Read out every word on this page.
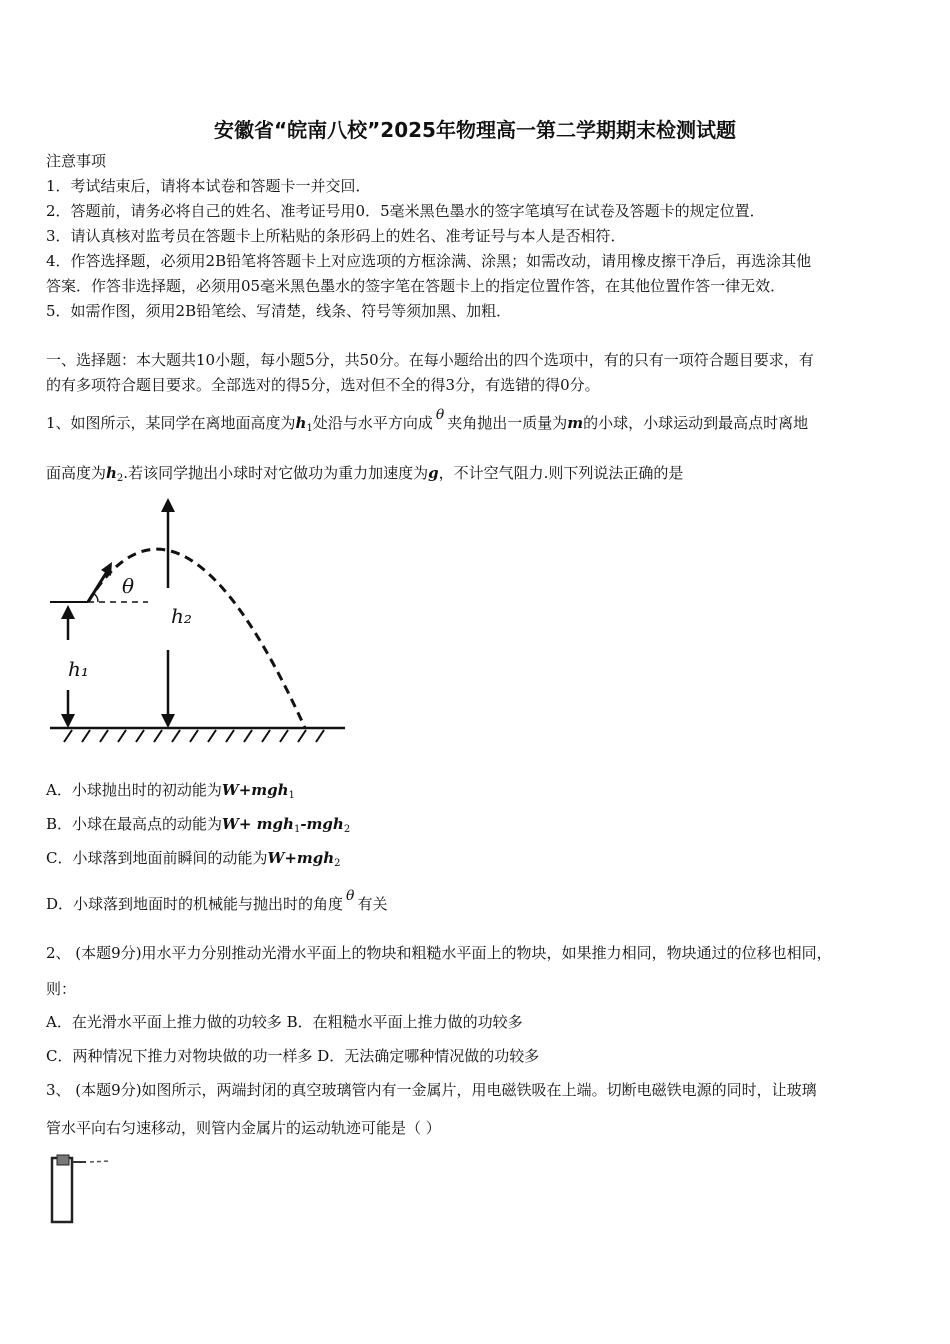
安徽省“皖南八校”2025年物理高一第二学期期末检测试题
注意事项
1．考试结束后，请将本试卷和答题卡一并交回．
2．答题前，请务必将自己的姓名、准考证号用0．5毫米黑色墨水的签字笔填写在试卷及答题卡的规定位置．
3．请认真核对监考员在答题卡上所粘贴的条形码上的姓名、准考证号与本人是否相符．
4．作答选择题，必须用2B铅笔将答题卡上对应选项的方框涂满、涂黑；如需改动，请用橡皮擦干净后，再选涂其他
答案．作答非选择题，必须用05毫米黑色墨水的签字笔在答题卡上的指定位置作答，在其他位置作答一律无效．
5．如需作图，须用2B铅笔绘、写清楚，线条、符号等须加黑、加粗．
一、选择题：本大题共10小题，每小题5分，共50分。在每小题给出的四个选项中，有的只有一项符合题目要求，有
的有多项符合题目要求。全部选对的得5分，选对但不全的得3分，有选错的得0分。
1、如图所示，某同学在离地面高度为$h_1$处沿与水平方向成 θ 夹角抛出一质量为m的小球，小球运动到最高点时离地
面高度为$h_2$.若该同学抛出小球时对它做功为重力加速度为g，不计空气阻力.则下列说法正确的是
θ
h₂
h₁
A．小球抛出时的初动能为W+mgh$_1$
B．小球在最高点的动能为W+ mgh$_1$-mgh$_2$
C．小球落到地面前瞬间的动能为W+mgh$_2$
D．小球落到地面时的机械能与抛出时的角度 θ 有关
2、 (本题9分)用水平力分别推动光滑水平面上的物块和粗糙水平面上的物块，如果推力相同，物块通过的位移也相同，
则：
A．在光滑水平面上推力做的功较多 B．在粗糙水平面上推力做的功较多
C．两种情况下推力对物块做的功一样多 D．无法确定哪种情况做的功较多
3、 (本题9分)如图所示，两端封闭的真空玻璃管内有一金属片，用电磁铁吸在上端。切断电磁铁电源的同时，让玻璃
管水平向右匀速移动，则管内金属片的运动轨迹可能是（ ）
